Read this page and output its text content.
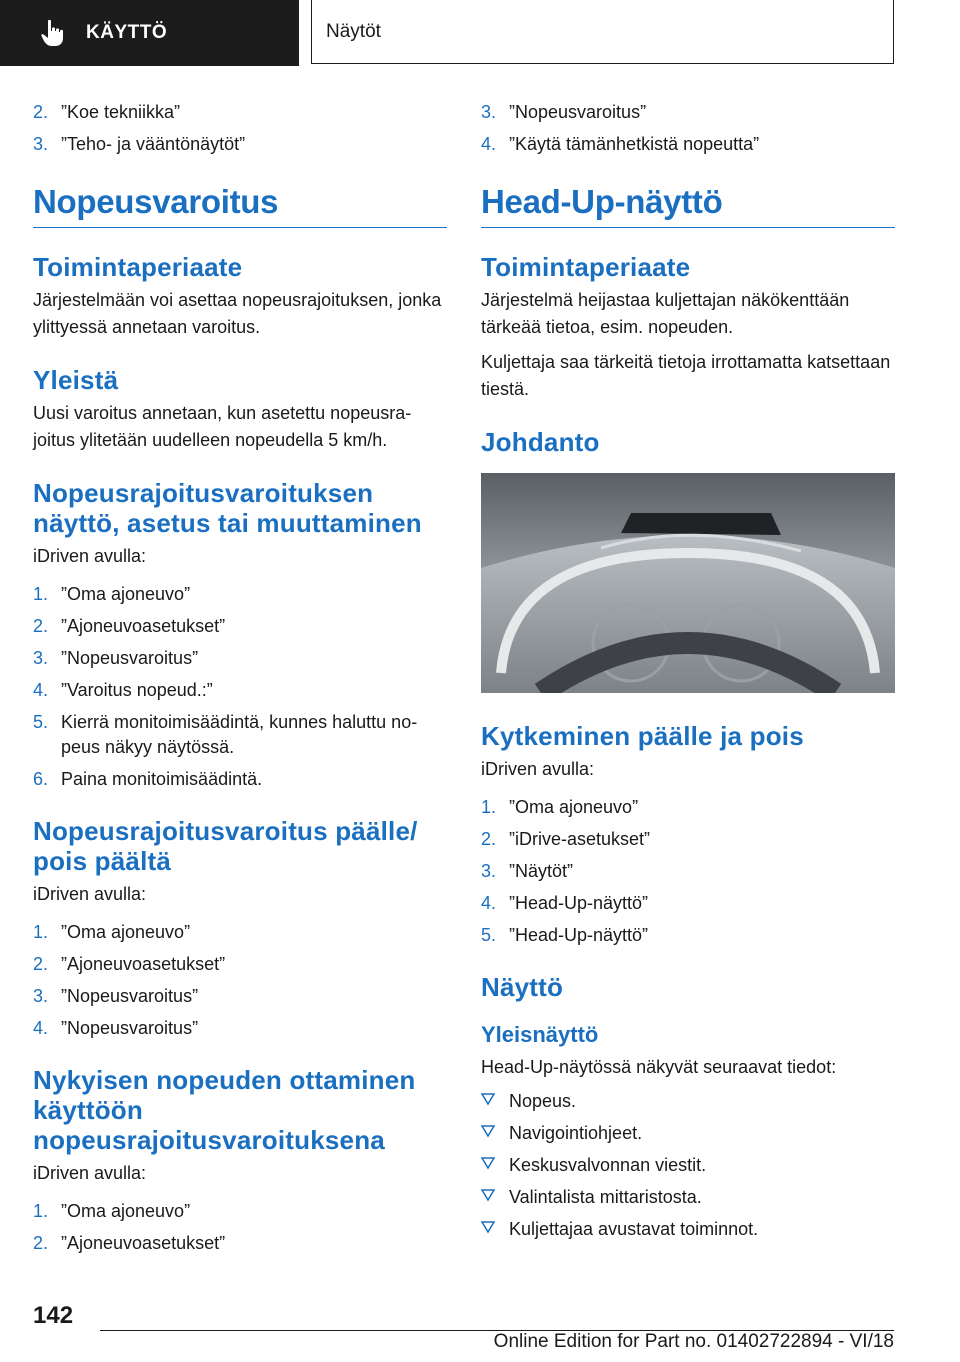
KÄYTTÖ	Näytöt
2. ”Koe tekniikka”
3. ”Teho- ja vääntönäytöt”
Nopeusvaroitus
Toimintaperiaate

Järjestelmään voi asettaa nopeusrajoituksen, jonka ylittyessä annetaan varoitus.

Yleistä

Uusi varoitus annetaan, kun asetettu nopeusrajoitus ylitetään uudelleen nopeudella 5 km/h.

Nopeusrajoitusvaroituksen näyttö, asetus tai muuttaminen

iDriven avulla:

1. ”Oma ajoneuvo”
2. ”Ajoneuvoasetukset”
3. ”Nopeusvaroitus”
4. ”Varoitus nopeud.:”
5. Kierrä monitoimisäädintä, kunnes haluttu nopeus näkyy näytössä.
6. Paina monitoimisäädintä.
Nopeusrajoitusvaroitus päälle/ pois päältä

iDriven avulla:

1. ”Oma ajoneuvo”
2. ”Ajoneuvoasetukset”
3. ”Nopeusvaroitus”
4. ”Nopeusvaroitus”
Nykyisen nopeuden ottaminen käyttöön nopeusrajoitusvaroituksena

iDriven avulla:

1. ”Oma ajoneuvo”
2. ”Ajoneuvoasetukset”
3. ”Nopeusvaroitus”
4. ”Käytä tämänhetkistä nopeutta”
Head-Up-näyttö
Toimintaperiaate

Järjestelmä heijastaa kuljettajan näkökenttään tärkeää tietoa, esim. nopeuden.

Kuljettaja saa tärkeitä tietoja irrottamatta katsettaan tiestä.

Johdanto
Kytkeminen päälle ja pois

iDriven avulla:

1. ”Oma ajoneuvo”
2. ”iDrive-asetukset”
3. ”Näytöt”
4. ”Head-Up-näyttö”
5. ”Head-Up-näyttö”
Näyttö
Yleisnäyttö

Head-Up-näytössä näkyvät seuraavat tiedot:

Nopeus.
Navigointiohjeet.
Keskusvalvonnan viestit.
Valintalista mittaristosta.
Kuljettajaa avustavat toiminnot.
142
Online Edition for Part no. 01402722894 - VI/18
